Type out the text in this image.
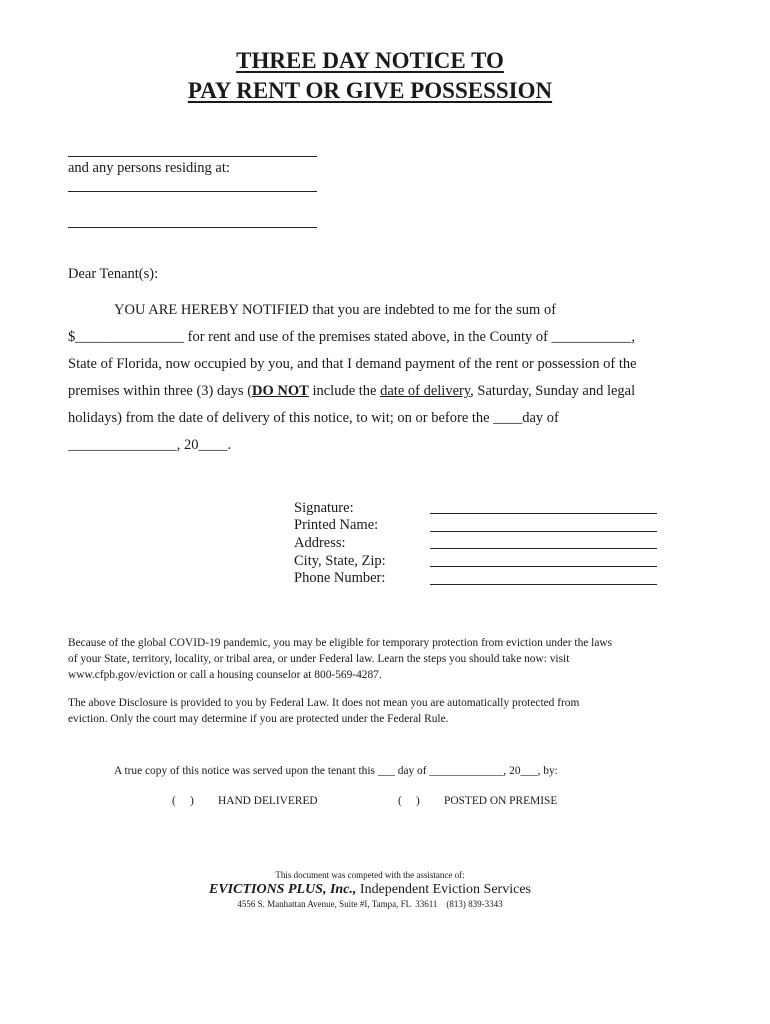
THREE DAY NOTICE TO
PAY RENT OR GIVE POSSESSION
and any persons residing at:
Dear Tenant(s):
YOU ARE HEREBY NOTIFIED that you are indebted to me for the sum of
$_______________ for rent and use of the premises stated above, in the County of ___________,
State of Florida, now occupied by you, and that I demand payment of the rent or possession of the
premises within three (3) days (DO NOT include the date of delivery, Saturday, Sunday and legal
holidays) from the date of delivery of this notice, to wit; on or before the ____day of
_______________, 20____.
Signature:
Printed Name:
Address:
City, State, Zip:
Phone Number:
Because of the global COVID-19 pandemic, you may be eligible for temporary protection from eviction under the laws
of your State, territory, locality, or tribal area, or under Federal law. Learn the steps you should take now: visit
www.cfpb.gov/eviction or call a housing counselor at 800-569-4287.
The above Disclosure is provided to you by Federal Law. It does not mean you are automatically protected from
eviction. Only the court may determine if you are protected under the Federal Rule.
A true copy of this notice was served upon the tenant this ___ day of _____________, 20___, by:
(     ) HAND DELIVERED	(     ) POSTED ON PREMISE
This document was competed with the assistance of:
EVICTIONS PLUS, Inc., Independent Eviction Services
4556 S. Manhattan Avenue, Suite #I, Tampa, FL  33611    (813) 839-3343
